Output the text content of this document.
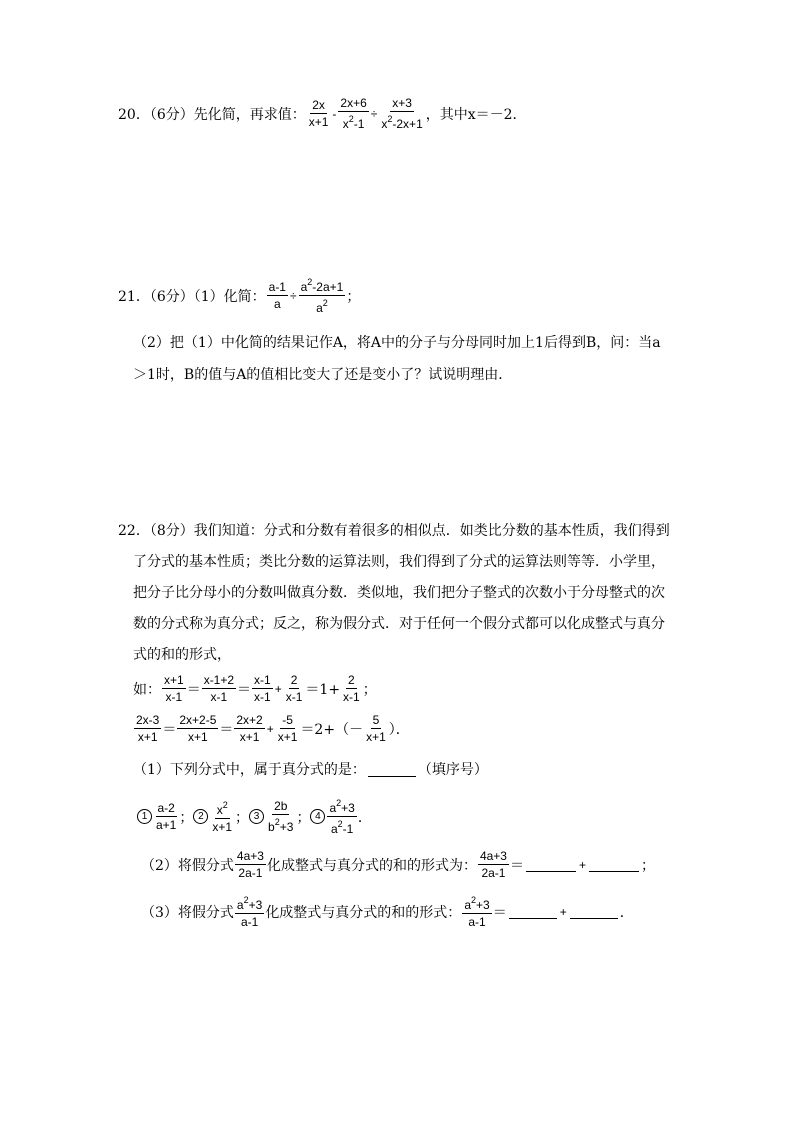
20．（6分）先化简，再求值： $\frac{2x}{x+1} - \frac{2x+6}{x^2-1} \div \frac{x+3}{x^2-2x+1}$ ，其中x＝－2．
21．（6分）（1）化简： $\frac{a-1}{a} \div \frac{a^2-2a+1}{a^2}$ ；
（2）把（1）中化简的结果记作A，将A中的分子与分母同时加上1后得到B，问：当a
＞1时，B的值与A的值相比变大了还是变小了？试说明理由．
22．（8分）我们知道：分式和分数有着很多的相似点．如类比分数的基本性质，我们得到
了分式的基本性质；类比分数的运算法则，我们得到了分式的运算法则等等．小学里，
把分子比分母小的分数叫做真分数．类似地，我们把分子整式的次数小于分母整式的次
数的分式称为真分式；反之，称为假分式．对于任何一个假分式都可以化成整式与真分
式的和的形式，
如： $\frac{x+1}{x-1} = \frac{x-1+2}{x-1} = \frac{x-1}{x-1} + \frac{2}{x-1} =1+ \frac{2}{x-1}$ ；
$\frac{2x-3}{x+1} = \frac{2x+2-5}{x+1} = \frac{2x+2}{x+1} + \frac{-5}{x+1} =2+(- \frac{5}{x+1}$ ）．
（1）下列分式中，属于真分式的是：	（填序号）
$1 \frac{a-2}{a+1}$ ； $2 \frac{x^2}{x+1}$ ； $3 \frac{2b}{b^2+3}$ ； $4 \frac{a^2+3}{a^2-1}$ ．
（2）将假分式 $\frac{4a+3}{2a-1}$ 化成整式与真分式的和的形式为： $\frac{4a+3}{2a-1}$ ＝	+	；
（3）将假分式 $\frac{a^2+3}{a-1}$ 化成整式与真分式的和的形式： $\frac{a^2+3}{a-1}$ ＝	+	．
